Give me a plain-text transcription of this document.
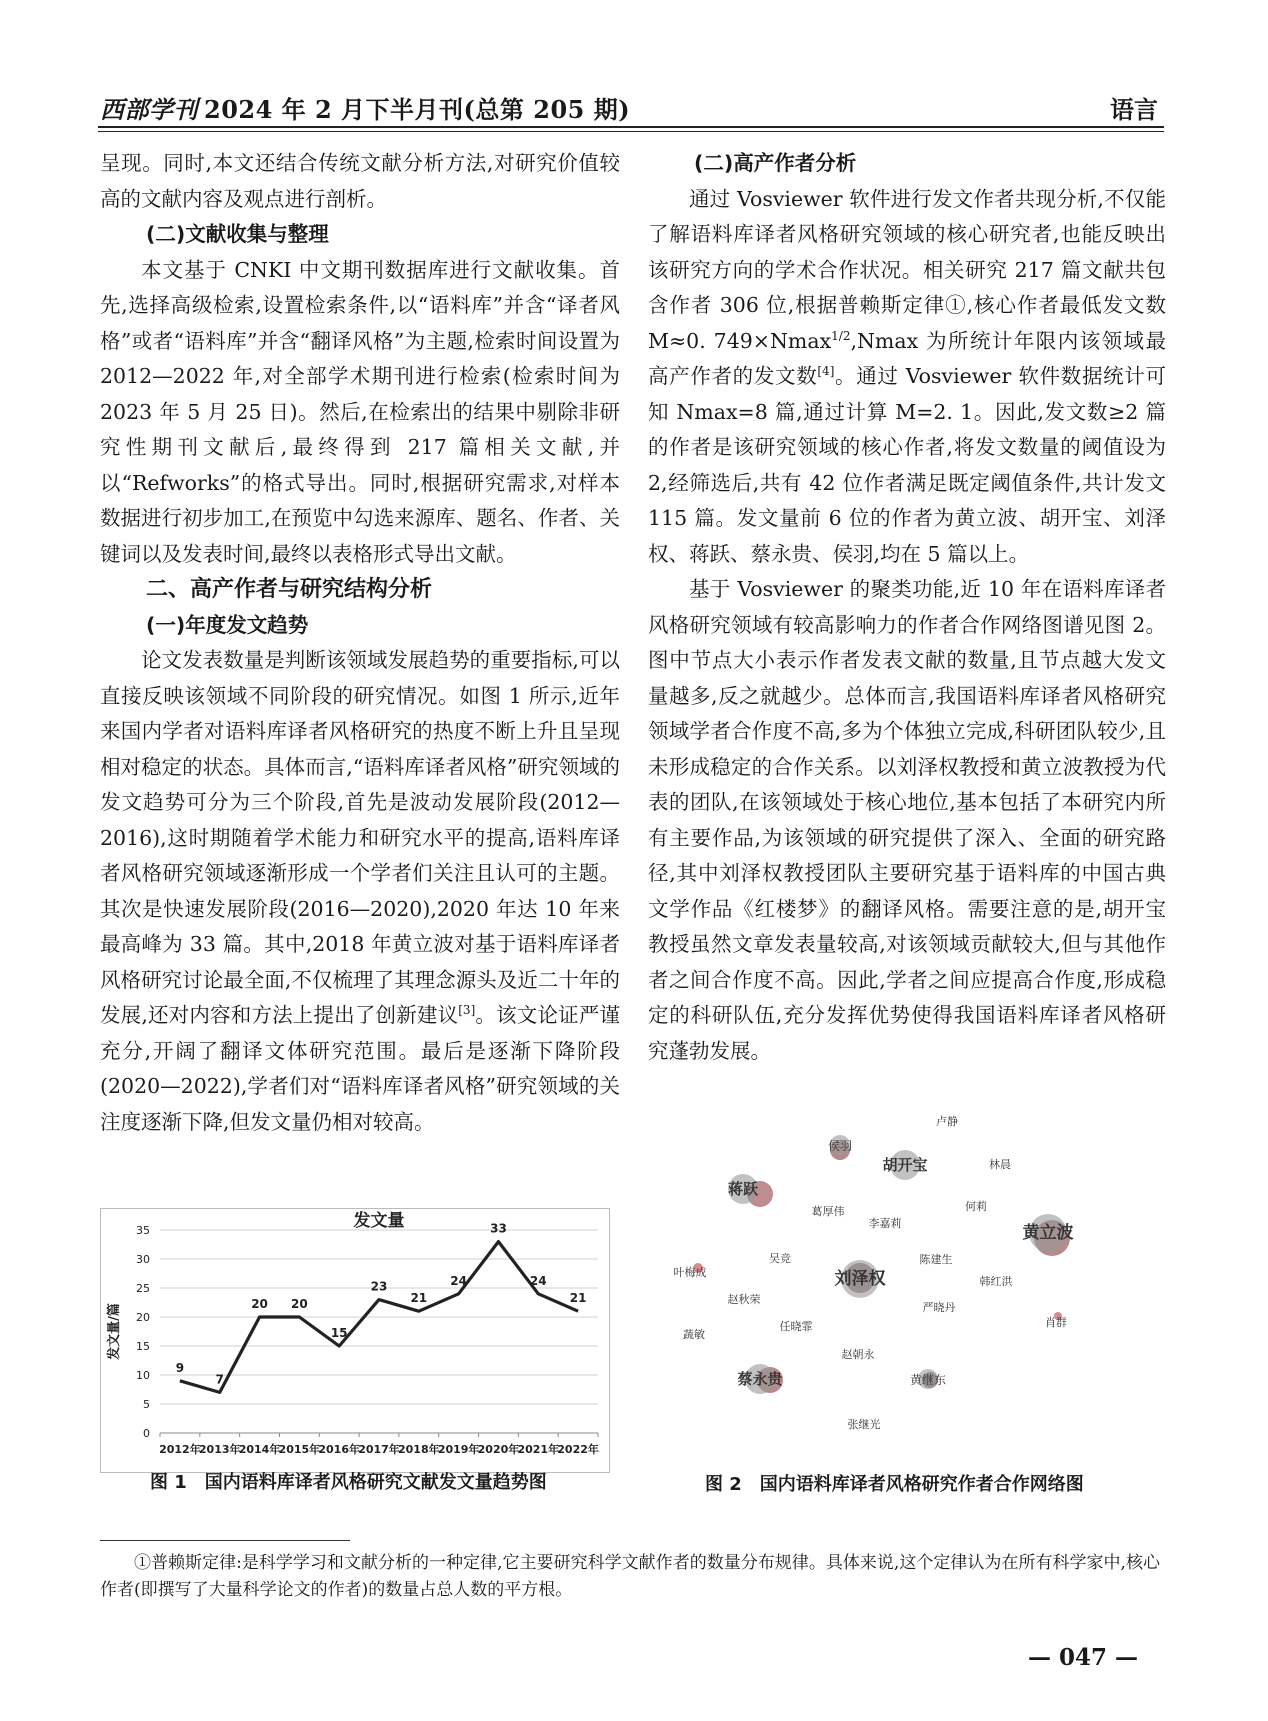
西部学刊 2024 年 2 月下半月刊(总第 205 期)	语言

呈现。同时,本文还结合传统文献分析方法,对研究价值较高的文献内容及观点进行剖析。

(二)文献收集与整理

本文基于 CNKI 中文期刊数据库进行文献收集。首先,选择高级检索,设置检索条件,以“语料库”并含“译者风格”或者“语料库”并含“翻译风格”为主题,检索时间设置为 2012—2022 年,对全部学术期刊进行检索(检索时间为 2023 年 5 月 25 日)。然后,在检索出的结果中剔除非研究性期刊文献后,最终得到 217 篇相关文献,并以“Refworks”的格式导出。同时,根据研究需求,对样本数据进行初步加工,在预览中勾选来源库、题名、作者、关键词以及发表时间,最终以表格形式导出文献。

二、高产作者与研究结构分析
(一)年度发文趋势

论文发表数量是判断该领域发展趋势的重要指标,可以直接反映该领域不同阶段的研究情况。如图 1 所示,近年来国内学者对语料库译者风格研究的热度不断上升且呈现相对稳定的状态。具体而言,“语料库译者风格”研究领域的发文趋势可分为三个阶段,首先是波动发展阶段(2012—2016),这时期随着学术能力和研究水平的提高,语料库译者风格研究领域逐渐形成一个学者们关注且认可的主题。其次是快速发展阶段(2016—2020),2020 年达 10 年来最高峰为 33 篇。其中,2018 年黄立波对基于语料库译者风格研究讨论最全面,不仅梳理了其理念源头及近二十年的发展,还对内容和方法上提出了创新建议[3]。该文论证严谨充分,开阔了翻译文体研究范围。最后是逐渐下降阶段(2020—2022),学者们对“语料库译者风格”研究领域的关注度逐渐下降,但发文量仍相对较高。

(二)高产作者分析

通过 Vosviewer 软件进行发文作者共现分析,不仅能了解语料库译者风格研究领域的核心研究者,也能反映出该研究方向的学术合作状况。相关研究 217 篇文献共包含作者 306 位,根据普赖斯定律①,核心作者最低发文数 M≈0. 749×Nmax$^{1/2}$,Nmax 为所统计年限内该领域最高产作者的发文数[4]。通过 Vosviewer 软件数据统计可知 Nmax=8 篇,通过计算 M=2. 1。因此,发文数≥2 篇的作者是该研究领域的核心作者,将发文数量的阈值设为 2,经筛选后,共有 42 位作者满足既定阈值条件,共计发文 115 篇。发文量前 6 位的作者为黄立波、胡开宝、刘泽权、蒋跃、蔡永贵、侯羽,均在 5 篇以上。

基于 Vosviewer 的聚类功能,近 10 年在语料库译者风格研究领域有较高影响力的作者合作网络图谱见图 2。图中节点大小表示作者发表文献的数量,且节点越大发文量越多,反之就越少。总体而言,我国语料库译者风格研究领域学者合作度不高,多为个体独立完成,科研团队较少,且未形成稳定的合作关系。以刘泽权教授和黄立波教授为代表的团队,在该领域处于核心地位,基本包括了本研究内所有主要作品,为该领域的研究提供了深入、全面的研究路径,其中刘泽权教授团队主要研究基于语料库的中国古典文学作品《红楼梦》的翻译风格。需要注意的是,胡开宝教授虽然文章发表量较高,对该领域贡献较大,但与其他作者之间合作度不高。因此,学者之间应提高合作度,形成稳定的科研队伍,充分发挥优势使得我国语料库译者风格研究蓬勃发展。

0
5
10
15
20
25
30
35
2012年
2013年
2014年
2015年
2016年
2017年
2018年
2019年
2020年
2021年
2022年
发文量/篇
发文量
9
7
20 20
15
23
21
24
33
24
21
图 1　国内语料库译者风格研究文献发文量趋势图
卢静
侯羽
胡开宝	林晨
蒋跃
葛厚伟	何莉
李嘉莉	黄立波
吴竞	陈建生
叶梅成	刘泽权	韩红洪
赵秋荣
严晓丹
任晓霏	肖群
蔬敏
赵朝永
蔡永贵	黄继东
张继光
图 2　国内语料库译者风格研究作者合作网络图
①普赖斯定律:是科学学习和文献分析的一种定律,它主要研究科学文献作者的数量分布规律。具体来说,这个定律认为在所有科学家中,核心作者(即撰写了大量科学论文的作者)的数量占总人数的平方根。
— 047 —
